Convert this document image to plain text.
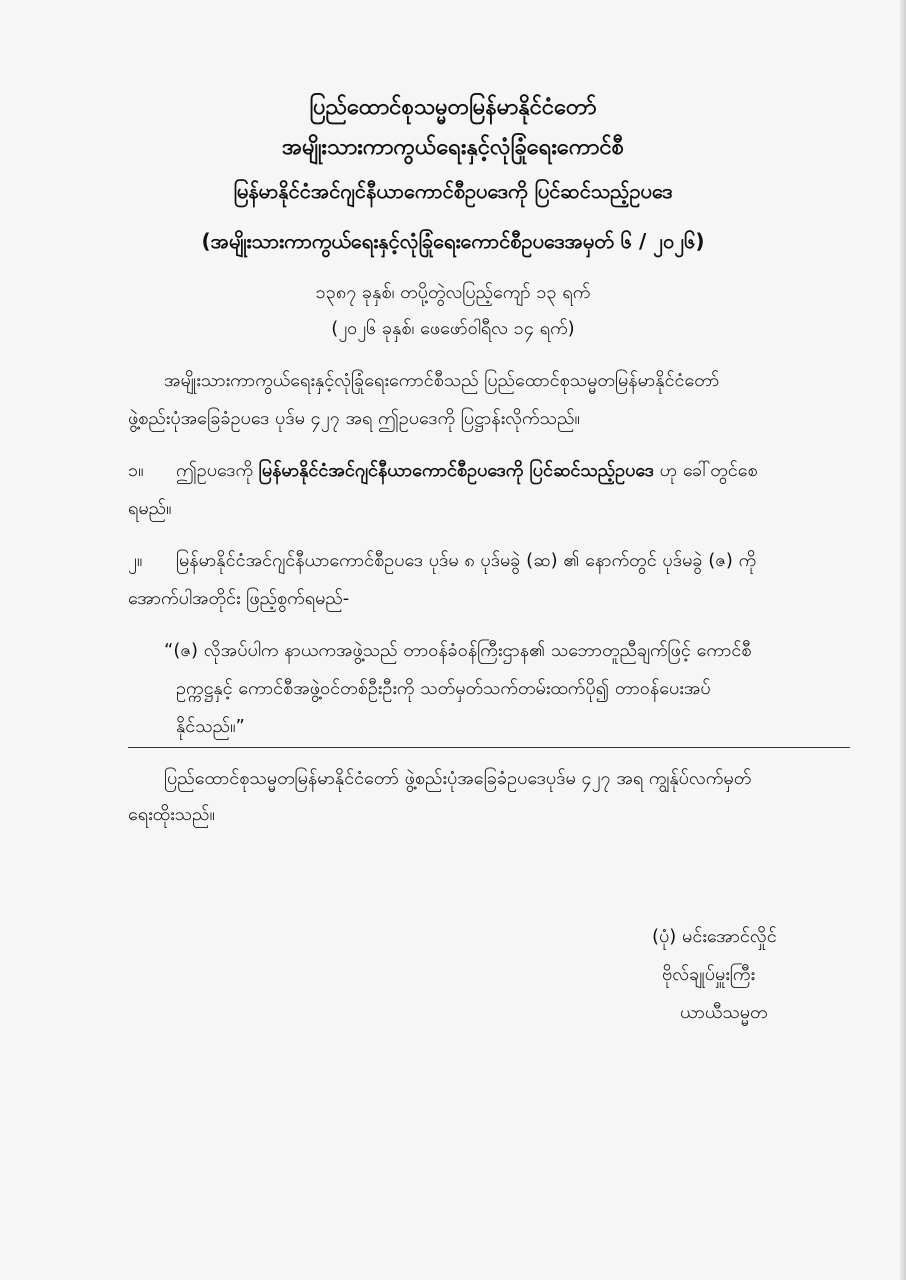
ပြည်ထောင်စုသမ္မတမြန်မာနိုင်ငံတော်
အမျိုးသားကာကွယ်ရေးနှင့်လုံခြုံရေးကောင်စီ
မြန်မာနိုင်ငံအင်ဂျင်နီယာကောင်စီဥပဒေကို ပြင်ဆင်သည့်ဥပဒေ
(အမျိုးသားကာကွယ်ရေးနှင့်လုံခြုံရေးကောင်စီဥပဒေအမှတ် ၆ / ၂၀၂၆)
၁၃၈၇ ခုနှစ်၊ တပို့တွဲလပြည့်ကျော် ၁၃ ရက်
(၂၀၂၆ ခုနှစ်၊ ဖေဖော်ဝါရီလ ၁၄ ရက်)
အမျိုးသားကာကွယ်ရေးနှင့်လုံခြုံရေးကောင်စီသည် ပြည်ထောင်စုသမ္မတမြန်မာနိုင်ငံတော်
ဖွဲ့စည်းပုံအခြေခံဥပဒေ ပုဒ်မ ၄၂၇ အရ ဤဥပဒေကို ပြဋ္ဌာန်းလိုက်သည်။
၁။ ဤဥပဒေကို မြန်မာနိုင်ငံအင်ဂျင်နီယာကောင်စီဥပဒေကို ပြင်ဆင်သည့်ဥပဒေ ဟု ခေါ်တွင်စေ
ရမည်။
၂။ မြန်မာနိုင်ငံအင်ဂျင်နီယာကောင်စီဥပဒေ ပုဒ်မ ၈ ပုဒ်မခွဲ (ဆ) ၏ နောက်တွင် ပုဒ်မခွဲ (ဇ) ကို
အောက်ပါအတိုင်း ဖြည့်စွက်ရမည်-
“(ဇ) လိုအပ်ပါက နာယကအဖွဲ့သည် တာဝန်ခံဝန်ကြီးဌာန၏ သဘောတူညီချက်ဖြင့် ကောင်စီ
ဥက္ကဋ္ဌနှင့် ကောင်စီအဖွဲ့ဝင်တစ်ဦးဦးကို သတ်မှတ်သက်တမ်းထက်ပို၍ တာဝန်ပေးအပ်
နိုင်သည်။”
ပြည်ထောင်စုသမ္မတမြန်မာနိုင်ငံတော် ဖွဲ့စည်းပုံအခြေခံဥပဒေပုဒ်မ ၄၂၇ အရ ကျွန်ုပ်လက်မှတ်
ရေးထိုးသည်။
(ပုံ) မင်းအောင်လှိုင်
ဗိုလ်ချုပ်မှူးကြီး
ယာယီသမ္မတ
